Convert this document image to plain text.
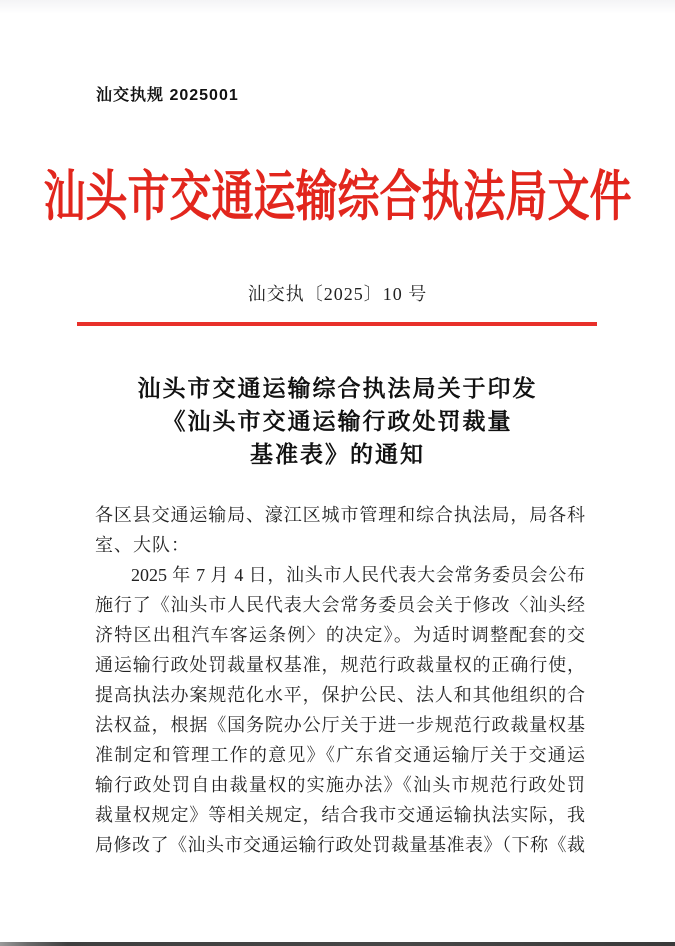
汕交执规 2025001
汕头市交通运输综合执法局文件
汕交执〔2025〕10 号
汕头市交通运输综合执法局关于印发
《汕头市交通运输行政处罚裁量
基准表》的通知
各区县交通运输局、濠江区城市管理和综合执法局，局各科
室、大队：
2025 年 7 月 4 日，汕头市人民代表大会常务委员会公布
施行了《汕头市人民代表大会常务委员会关于修改〈汕头经
济特区出租汽车客运条例〉的决定》。为适时调整配套的交
通运输行政处罚裁量权基准，规范行政裁量权的正确行使，
提高执法办案规范化水平，保护公民、法人和其他组织的合
法权益，根据《国务院办公厅关于进一步规范行政裁量权基
准制定和管理工作的意见》《广东省交通运输厅关于交通运
输行政处罚自由裁量权的实施办法》《汕头市规范行政处罚
裁量权规定》等相关规定，结合我市交通运输执法实际，我
局修改了《汕头市交通运输行政处罚裁量基准表》（下称《裁
